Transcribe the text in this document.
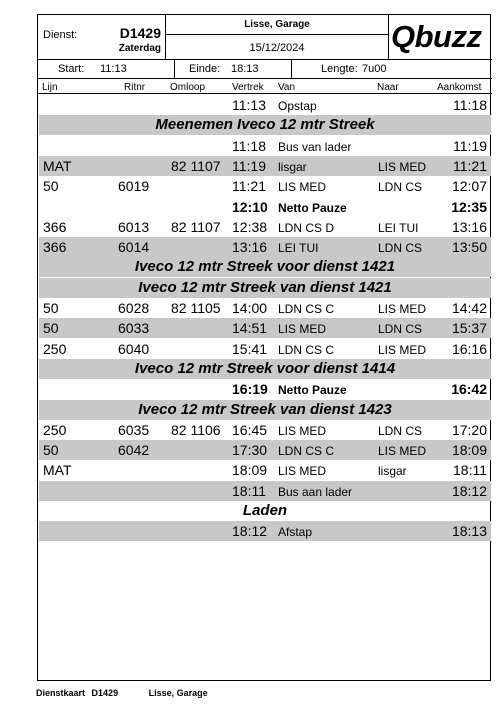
Dienst:	D1429
Zaterdag
Lisse, Garage
15/12/2024	Qbuzz
Start: 11:13	Einde: 18:13	Lengte: 7u00
Lijn	Ritnr Omloop	Vertrek Van	Naar	Aankomst
11:13 Opstap	11:18
Meenemen Iveco 12 mtr Streek
11:18 Bus van lader	11:19
MAT	82 1107 11:19 lisgar	LIS MED 11:21
50	6019	11:21 LIS MED	LDN CS 12:07
12:10 Netto Pauze	12:35
366	6013 82 1107 12:38 LDN CS D	LEI TUI 13:16
366	6014	13:16 LEI TUI	LDN CS 13:50
Iveco 12 mtr Streek voor dienst 1421
Iveco 12 mtr Streek van dienst 1421
50	6028 82 1105 14:00 LDN CS C	LIS MED 14:42
50	6033	14:51 LIS MED	LDN CS 15:37
250	6040	15:41 LDN CS C	LIS MED 16:16
Iveco 12 mtr Streek voor dienst 1414
16:19 Netto Pauze	16:42
Iveco 12 mtr Streek van dienst 1423
250	6035 82 1106 16:45 LIS MED	LDN CS 17:20
50	6042	17:30 LDN CS C	LIS MED 18:09
MAT	18:09 LIS MED	lisgar	18:11
18:11 Bus aan lader	18:12
Laden
18:12 Afstap	18:13
Dienstkaart D1429	Lisse, Garage
